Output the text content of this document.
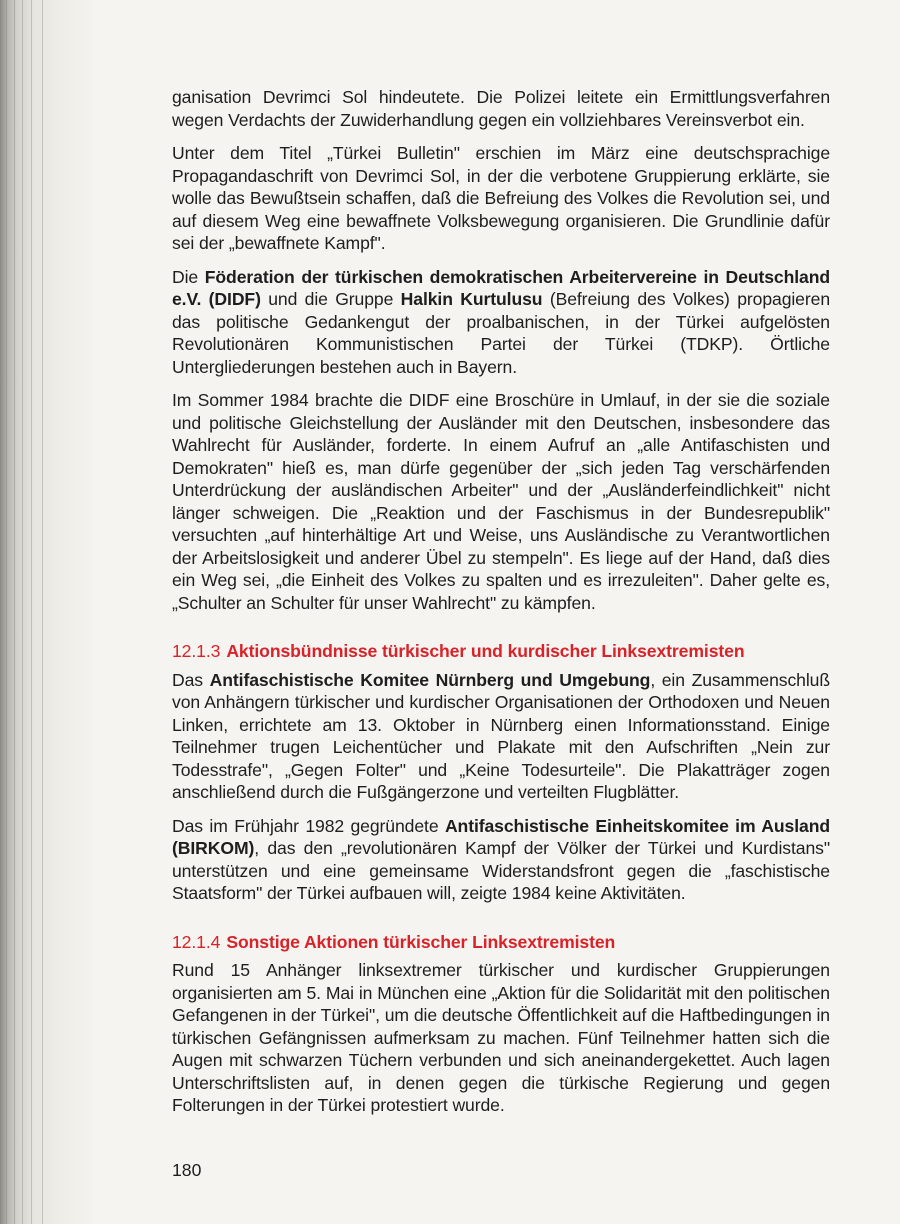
ganisation Devrimci Sol hindeutete. Die Polizei leitete ein Ermittlungsverfahren wegen Verdachts der Zuwiderhandlung gegen ein vollziehbares Vereinsverbot ein.

Unter dem Titel „Türkei Bulletin" erschien im März eine deutschsprachige Propagandaschrift von Devrimci Sol, in der die verbotene Gruppierung erklärte, sie wolle das Bewußtsein schaffen, daß die Befreiung des Volkes die Revolution sei, und auf diesem Weg eine bewaffnete Volksbewegung organisieren. Die Grundlinie dafür sei der „bewaffnete Kampf".

Die Föderation der türkischen demokratischen Arbeitervereine in Deutschland e.V. (DIDF) und die Gruppe Halkin Kurtulusu (Befreiung des Volkes) propagieren das politische Gedankengut der proalbanischen, in der Türkei aufgelösten Revolutionären Kommunistischen Partei der Türkei (TDKP). Örtliche Untergliederungen bestehen auch in Bayern.

Im Sommer 1984 brachte die DIDF eine Broschüre in Umlauf, in der sie die soziale und politische Gleichstellung der Ausländer mit den Deutschen, insbesondere das Wahlrecht für Ausländer, forderte. In einem Aufruf an „alle Antifaschisten und Demokraten" hieß es, man dürfe gegenüber der „sich jeden Tag verschärfenden Unterdrückung der ausländischen Arbeiter" und der „Ausländerfeindlichkeit" nicht länger schweigen. Die „Reaktion und der Faschismus in der Bundesrepublik" versuchten „auf hinterhältige Art und Weise, uns Ausländische zu Verantwortlichen der Arbeitslosigkeit und anderer Übel zu stempeln". Es liege auf der Hand, daß dies ein Weg sei, „die Einheit des Volkes zu spalten und es irrezuleiten". Daher gelte es, „Schulter an Schulter für unser Wahlrecht" zu kämpfen.

12.1.3 Aktionsbündnisse türkischer und kurdischer Linksextremisten

Das Antifaschistische Komitee Nürnberg und Umgebung, ein Zusammenschluß von Anhängern türkischer und kurdischer Organisationen der Orthodoxen und Neuen Linken, errichtete am 13. Oktober in Nürnberg einen Informationsstand. Einige Teilnehmer trugen Leichentücher und Plakate mit den Aufschriften „Nein zur Todesstrafe", „Gegen Folter" und „Keine Todesurteile". Die Plakatträger zogen anschließend durch die Fußgängerzone und verteilten Flugblätter.

Das im Frühjahr 1982 gegründete Antifaschistische Einheitskomitee im Ausland (BIRKOM), das den „revolutionären Kampf der Völker der Türkei und Kurdistans" unterstützen und eine gemeinsame Widerstandsfront gegen die „faschistische Staatsform" der Türkei aufbauen will, zeigte 1984 keine Aktivitäten.

12.1.4 Sonstige Aktionen türkischer Linksextremisten

Rund 15 Anhänger linksextremer türkischer und kurdischer Gruppierungen organisierten am 5. Mai in München eine „Aktion für die Solidarität mit den politischen Gefangenen in der Türkei", um die deutsche Öffentlichkeit auf die Haftbedingungen in türkischen Gefängnissen aufmerksam zu machen. Fünf Teilnehmer hatten sich die Augen mit schwarzen Tüchern verbunden und sich aneinandergekettet. Auch lagen Unterschriftslisten auf, in denen gegen die türkische Regierung und gegen Folterungen in der Türkei protestiert wurde.

180
